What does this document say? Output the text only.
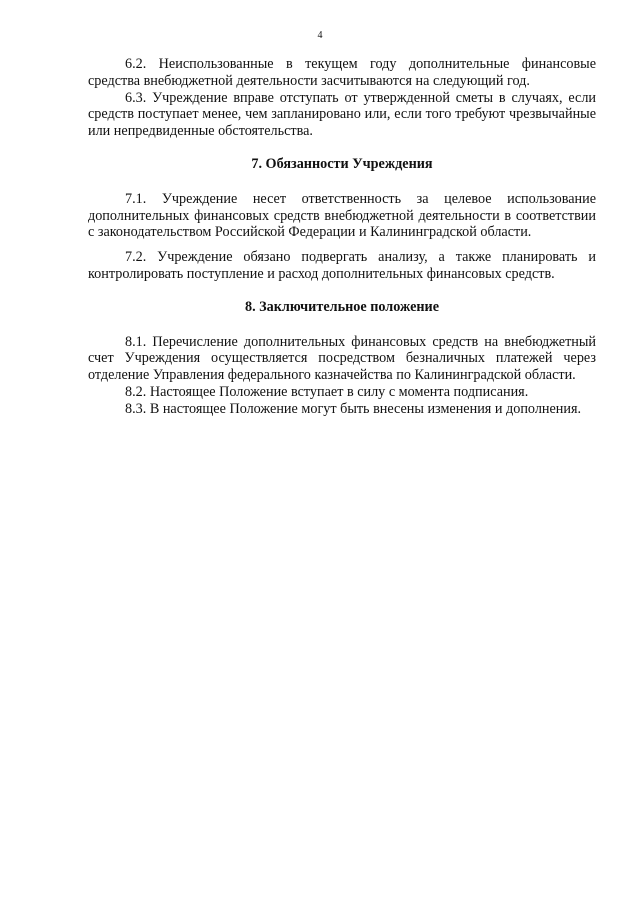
4

6.2. Неиспользованные в текущем году дополнительные финансовые средства внебюджетной деятельности засчитываются на следующий год.

6.3. Учреждение вправе отступать от утвержденной сметы в случаях, если средств поступает менее, чем запланировано или, если того требуют чрезвычайные или непредвиденные обстоятельства.

7. Обязанности Учреждения

7.1. Учреждение несет ответственность за целевое использование дополнительных финансовых средств внебюджетной деятельности в соответствии с законодательством Российской Федерации и Калининградской области.

7.2. Учреждение обязано подвергать анализу, а также планировать и контролировать поступление и расход дополнительных финансовых средств.

8. Заключительное положение

8.1. Перечисление дополнительных финансовых средств на внебюджетный счет Учреждения осуществляется посредством безналичных платежей через отделение Управления федерального казначейства по Калининградской области.

8.2. Настоящее Положение вступает в силу с момента подписания.

8.3. В настоящее Положение могут быть внесены изменения и дополнения.
